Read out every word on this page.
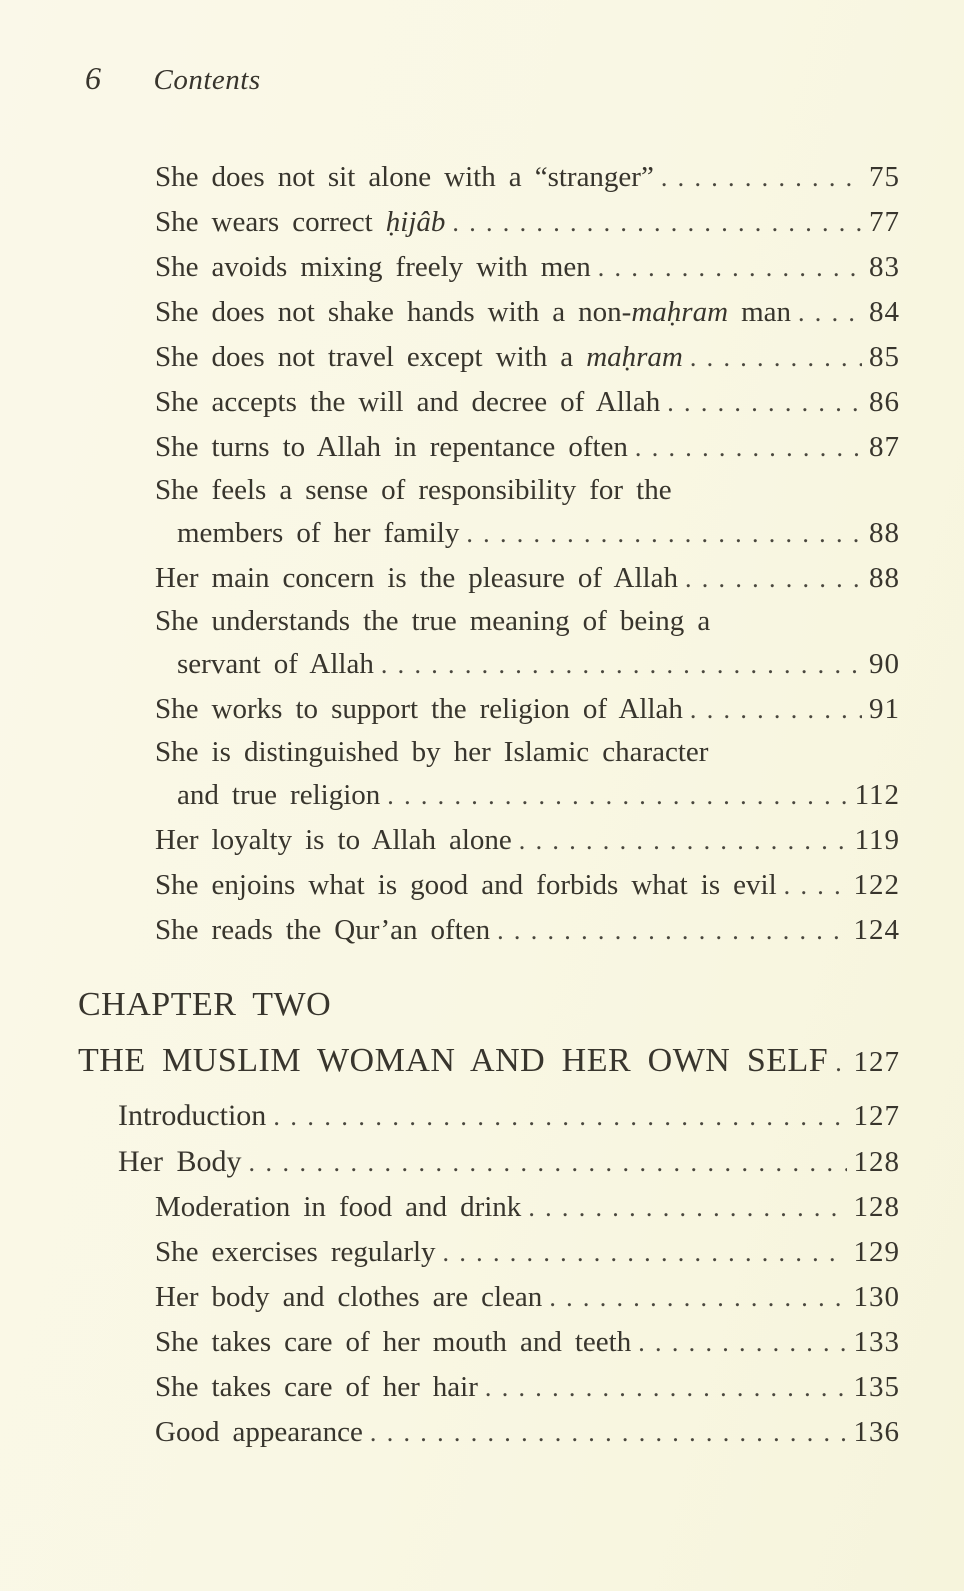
6 Contents
She does not sit alone with a “stranger” . . .	75
She wears correct ḥijâb . . .	77
She avoids mixing freely with men . . .	83
She does not shake hands with a non-maḥram man . . .	84
She does not travel except with a maḥram . . .	85
She accepts the will and decree of Allah . . .	86
She turns to Allah in repentance often . . .	87
She feels a sense of responsibility for the
members of her family . . .	88
Her main concern is the pleasure of Allah . . .	88
She understands the true meaning of being a
servant of Allah . . .	90
She works to support the religion of Allah . . .	91
She is distinguished by her Islamic character
and true religion . . .	112
Her loyalty is to Allah alone . . .	119
She enjoins what is good and forbids what is evil . . .	122
She reads the Qur’an often . . .	124
CHAPTER TWO
THE MUSLIM WOMAN AND HER OWN SELF . . . 127
Introduction . . .	127
Her Body . . .	128
Moderation in food and drink . . .	128
She exercises regularly . . .	129
Her body and clothes are clean . . .	130
She takes care of her mouth and teeth . . .	133
She takes care of her hair . . .	135
Good appearance . . .	136
